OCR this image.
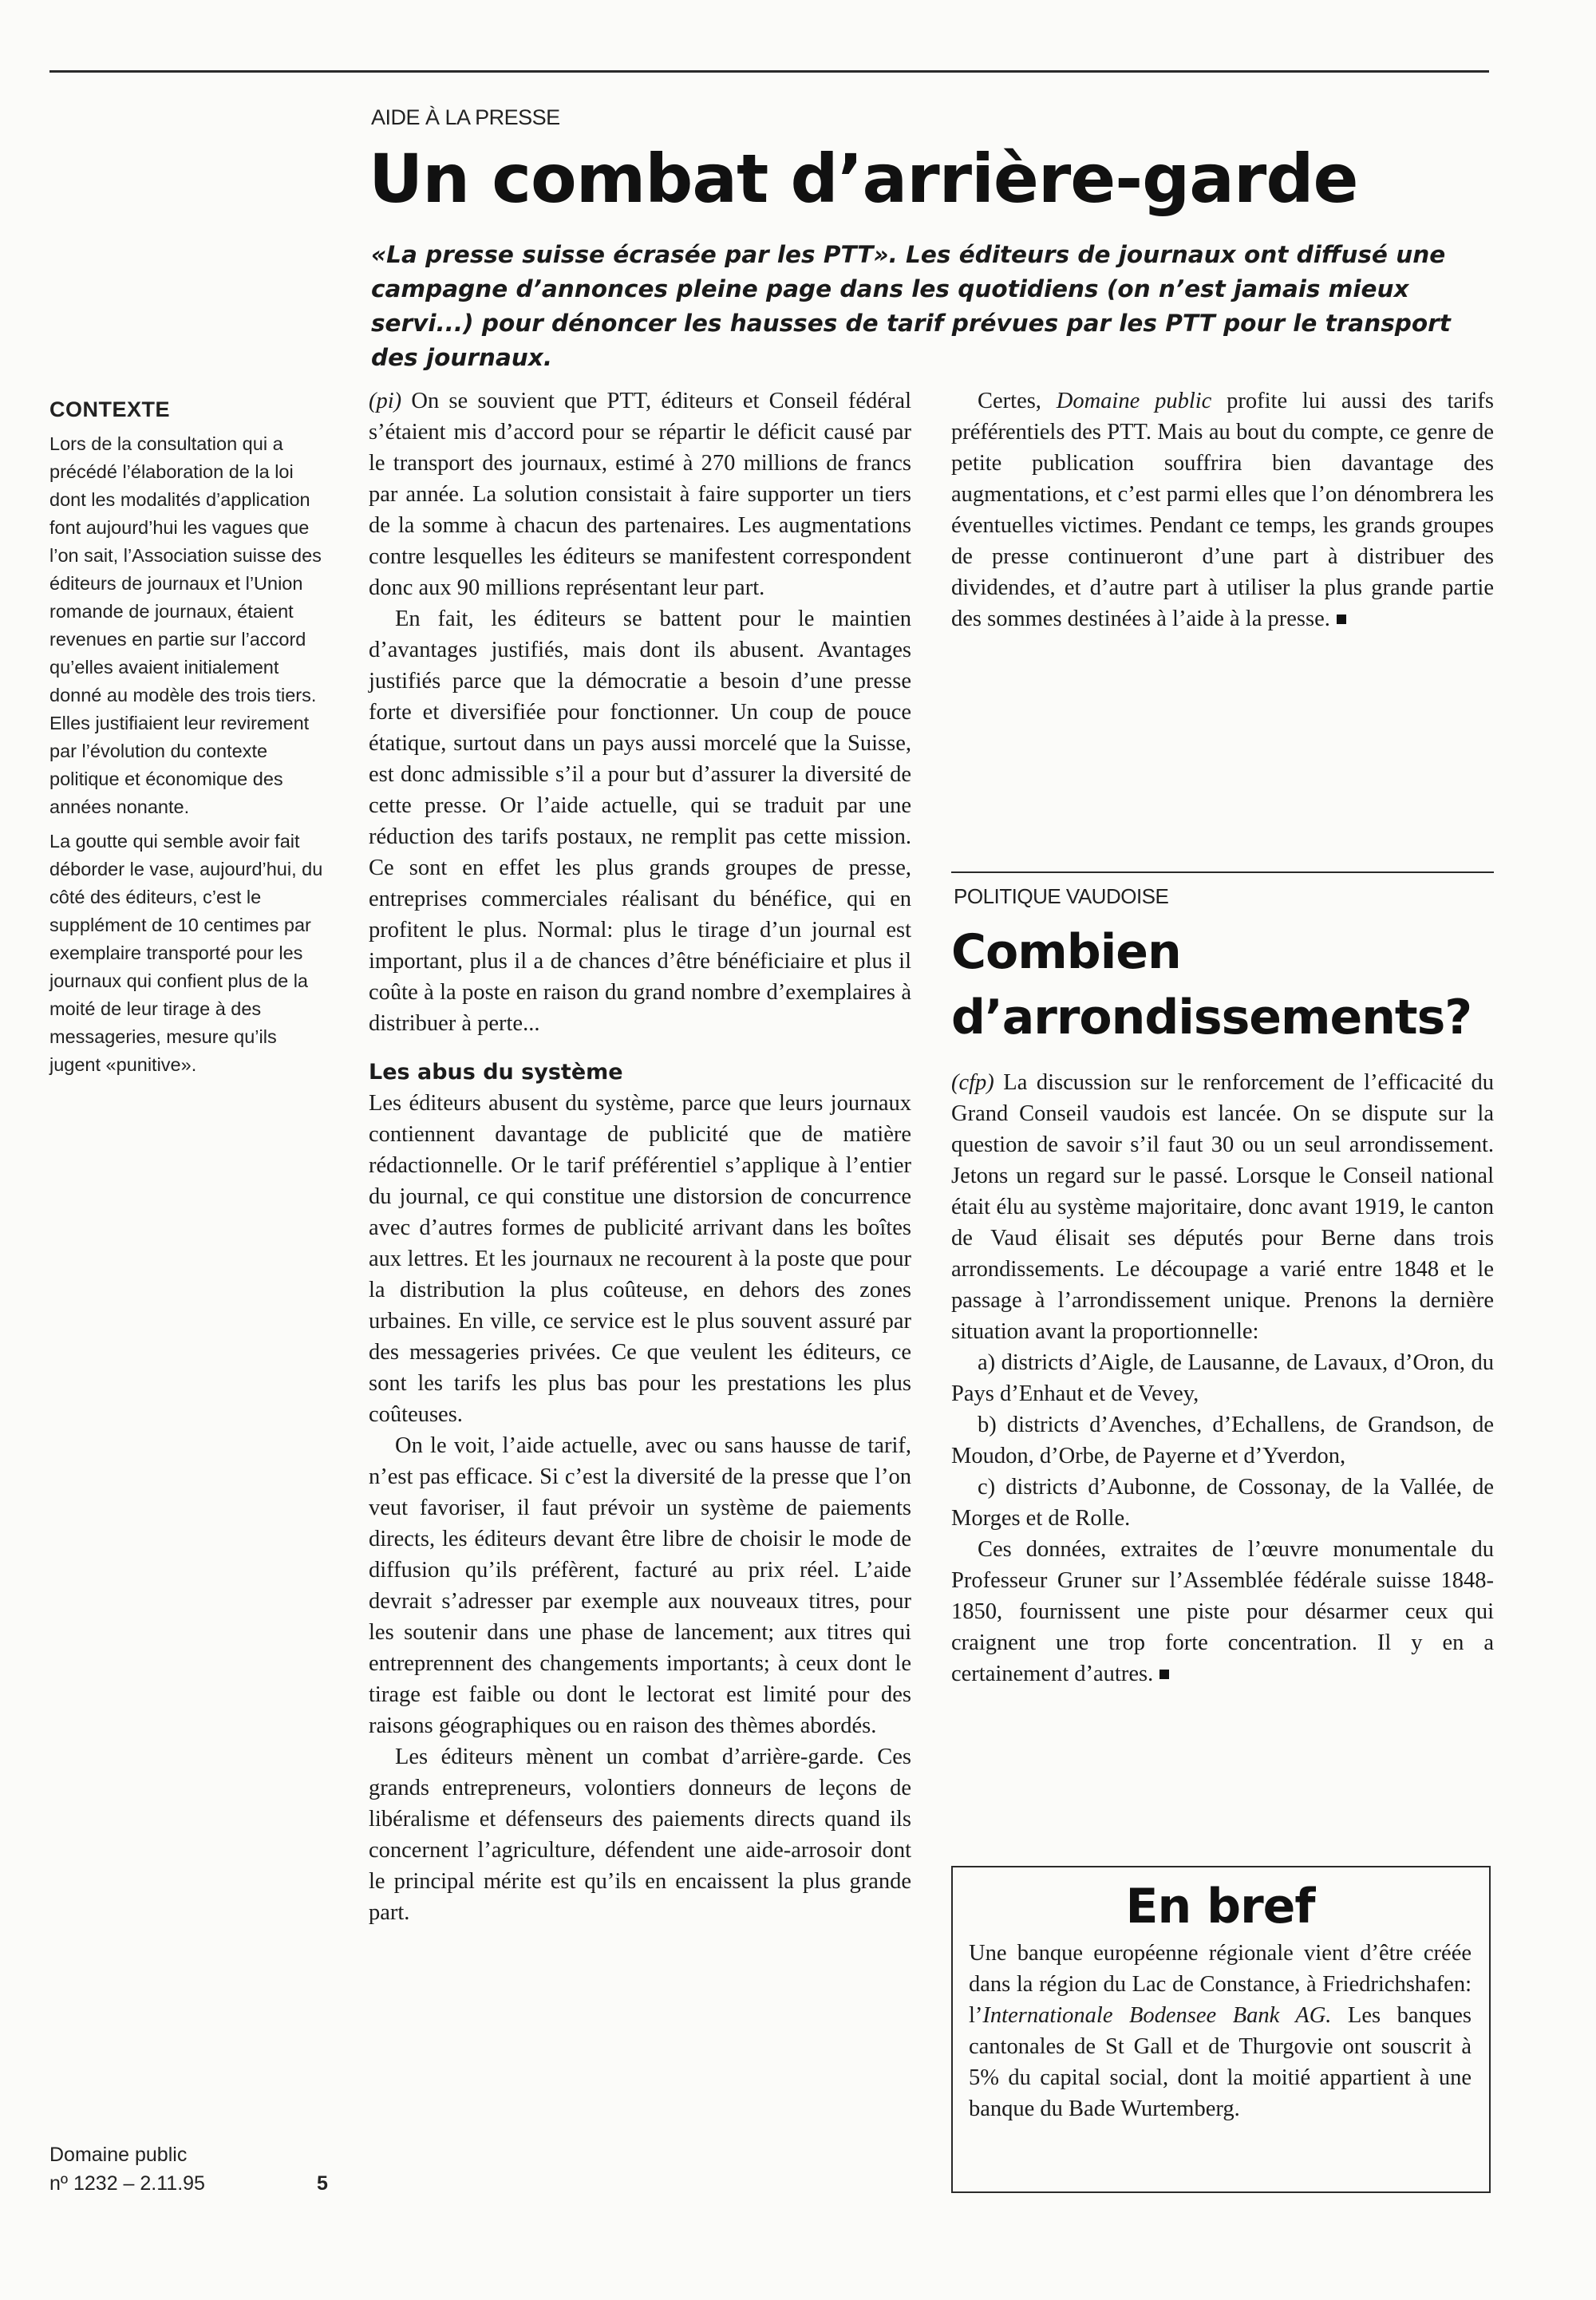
AIDE À LA PRESSE
Un combat d’arrière-garde

«La presse suisse écrasée par les PTT». Les éditeurs de journaux ont diffusé une campagne d’annonces pleine page dans les quotidiens (on n’est jamais mieux servi...) pour dénoncer les hausses de tarif prévues par les PTT pour le transport des journaux.

CONTEXTE

Lors de la consultation qui a précédé l’élaboration de la loi dont les modalités d’application font aujourd’hui les vagues que l’on sait, l’Association suisse des éditeurs de journaux et l’Union romande de journaux, étaient revenues en partie sur l’accord qu’elles avaient initialement donné au modèle des trois tiers. Elles justifiaient leur revirement par l’évolution du contexte politique et économique des années nonante.

La goutte qui semble avoir fait déborder le vase, aujourd’hui, du côté des éditeurs, c’est le supplément de 10 centimes par exemplaire transporté pour les journaux qui confient plus de la moité de leur tirage à des messageries, mesure qu’ils jugent «punitive».

Domaine public
nº 1232 – 2.11.95	5

(pi) On se souvient que PTT, éditeurs et Conseil fédéral s’étaient mis d’accord pour se répartir le déficit causé par le transport des journaux, estimé à 270 millions de francs par année. La solution consistait à faire supporter un tiers de la somme à chacun des partenaires. Les augmentations contre lesquelles les éditeurs se manifestent correspondent donc aux 90 millions représentant leur part.

En fait, les éditeurs se battent pour le maintien d’avantages justifiés, mais dont ils abusent. Avantages justifiés parce que la démocratie a besoin d’une presse forte et diversifiée pour fonctionner. Un coup de pouce étatique, surtout dans un pays aussi morcelé que la Suisse, est donc admissible s’il a pour but d’assurer la diversité de cette presse. Or l’aide actuelle, qui se traduit par une réduction des tarifs postaux, ne remplit pas cette mission. Ce sont en effet les plus grands groupes de presse, entreprises commerciales réalisant du bénéfice, qui en profitent le plus. Normal: plus le tirage d’un journal est important, plus il a de chances d’être bénéficiaire et plus il coûte à la poste en raison du grand nombre d’exemplaires à distribuer à perte...

Les abus du système

Les éditeurs abusent du système, parce que leurs journaux contiennent davantage de publicité que de matière rédactionnelle. Or le tarif préférentiel s’applique à l’entier du journal, ce qui constitue une distorsion de concurrence avec d’autres formes de publicité arrivant dans les boîtes aux lettres. Et les journaux ne recourent à la poste que pour la distribution la plus coûteuse, en dehors des zones urbaines. En ville, ce service est le plus souvent assuré par des messageries privées. Ce que veulent les éditeurs, ce sont les tarifs les plus bas pour les prestations les plus coûteuses.

On le voit, l’aide actuelle, avec ou sans hausse de tarif, n’est pas efficace. Si c’est la diversité de la presse que l’on veut favoriser, il faut prévoir un système de paiements directs, les éditeurs devant être libre de choisir le mode de diffusion qu’ils préfèrent, facturé au prix réel. L’aide devrait s’adresser par exemple aux nouveaux titres, pour les soutenir dans une phase de lancement; aux titres qui entreprennent des changements importants; à ceux dont le tirage est faible ou dont le lectorat est limité pour des raisons géographiques ou en raison des thèmes abordés.

Les éditeurs mènent un combat d’arrière-garde. Ces grands entrepreneurs, volontiers donneurs de leçons de libéralisme et défenseurs des paiements directs quand ils concernent l’agriculture, défendent une aide-arrosoir dont le principal mérite est qu’ils en encaissent la plus grande part.

Certes, Domaine public profite lui aussi des tarifs préférentiels des PTT. Mais au bout du compte, ce genre de petite publication souffrira bien davantage des augmentations, et c’est parmi elles que l’on dénombrera les éventuelles victimes. Pendant ce temps, les grands groupes de presse continueront d’une part à distribuer des dividendes, et d’autre part à utiliser la plus grande partie des sommes destinées à l’aide à la presse.

POLITIQUE VAUDOISE
Combien
d’arrondissements?

(cfp) La discussion sur le renforcement de l’efficacité du Grand Conseil vaudois est lancée. On se dispute sur la question de savoir s’il faut 30 ou un seul arrondissement. Jetons un regard sur le passé. Lorsque le Conseil national était élu au système majoritaire, donc avant 1919, le canton de Vaud élisait ses députés pour Berne dans trois arrondissements. Le découpage a varié entre 1848 et le passage à l’arrondissement unique. Prenons la dernière situation avant la proportionnelle:

a) districts d’Aigle, de Lausanne, de Lavaux, d’Oron, du Pays d’Enhaut et de Vevey,

b) districts d’Avenches, d’Echallens, de Grandson, de Moudon, d’Orbe, de Payerne et d’Yverdon,

c) districts d’Aubonne, de Cossonay, de la Vallée, de Morges et de Rolle.

Ces données, extraites de l’œuvre monumentale du Professeur Gruner sur l’Assemblée fédérale suisse 1848-1850, fournissent une piste pour désarmer ceux qui craignent une trop forte concentration. Il y en a certainement d’autres.

En bref

Une banque européenne régionale vient d’être créée dans la région du Lac de Constance, à Friedrichshafen: l’Internationale Bodensee Bank AG. Les banques cantonales de St Gall et de Thurgovie ont souscrit à 5% du capital social, dont la moitié appartient à une banque du Bade Wurtemberg.
